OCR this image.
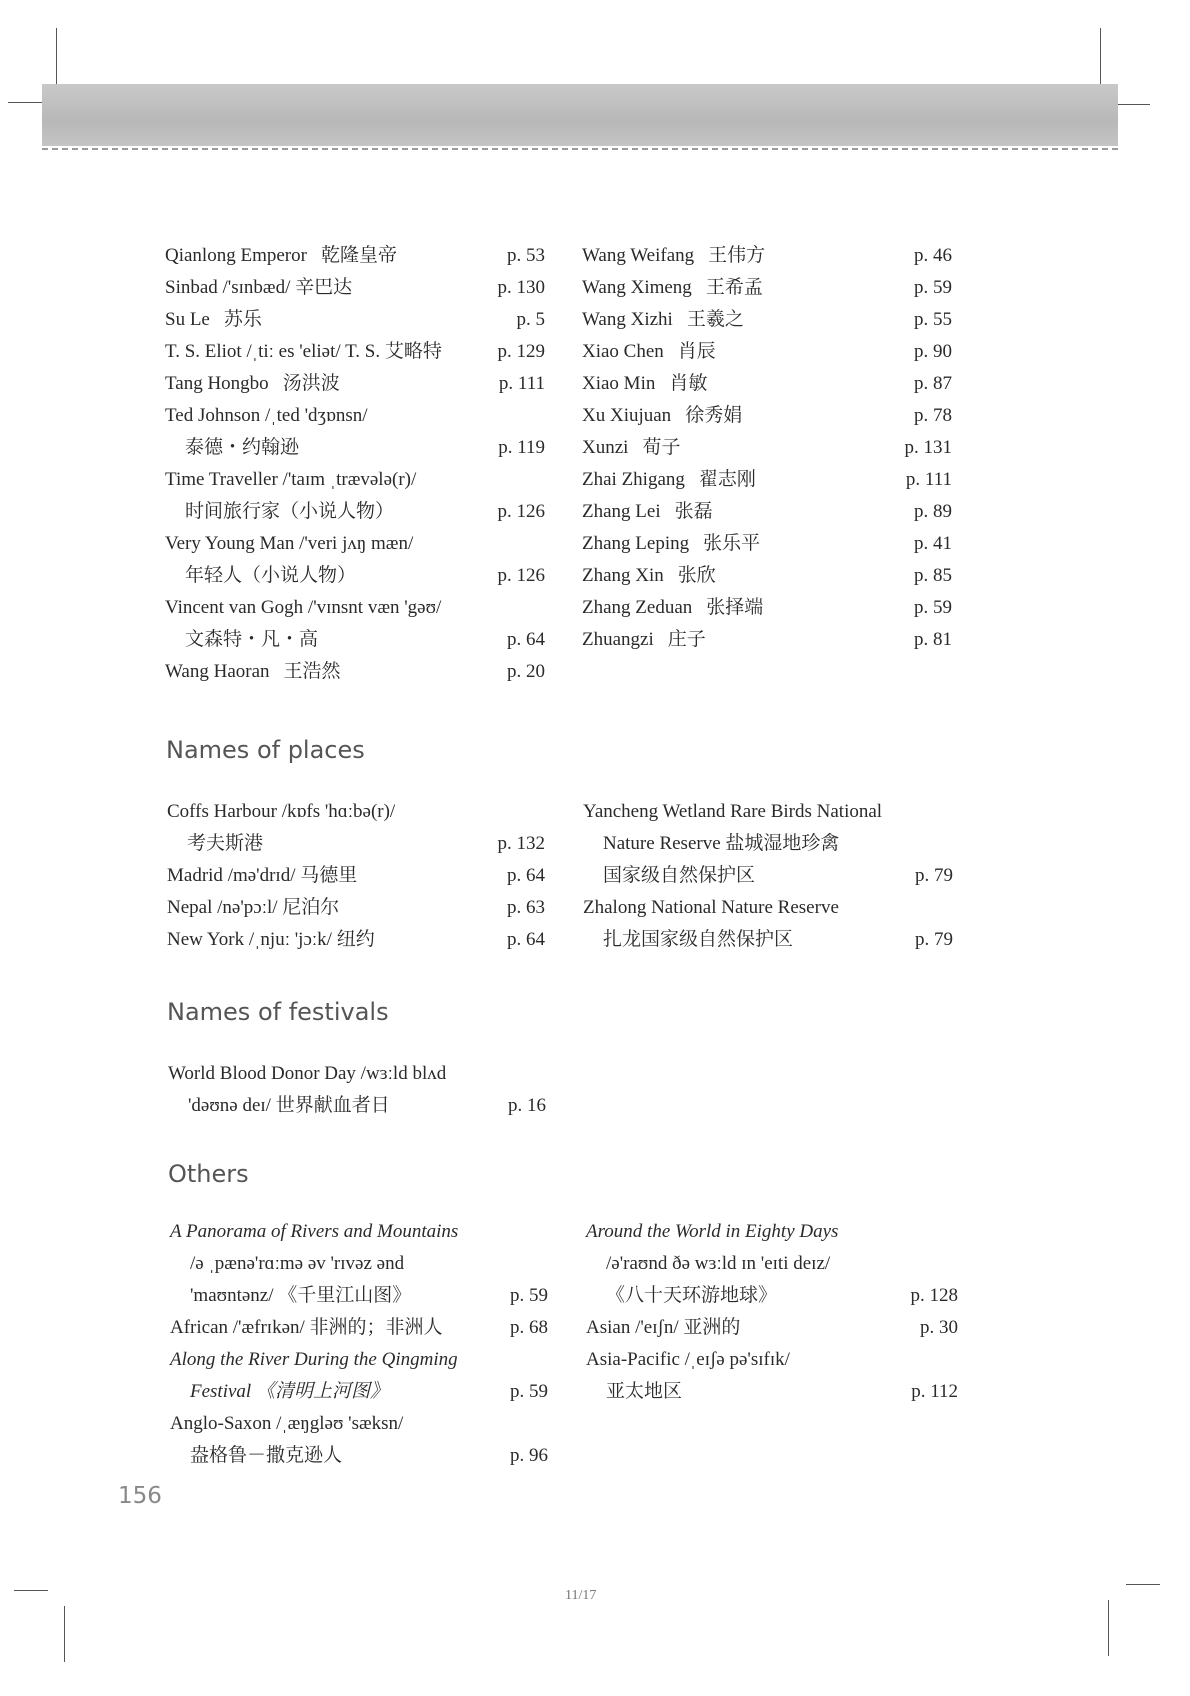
Qianlong Emperor 乾隆皇帝	p. 53
Sinbad /'sɪnbæd/ 辛巴达	p. 130
Su Le 苏乐	p. 5
T. S. Eliot /ˌtiː es 'eliət/ T. S. 艾略特	p. 129
Tang Hongbo 汤洪波	p. 111
Ted Johnson /ˌted 'dʒɒnsn/
泰德・约翰逊	p. 119
Time Traveller /'taɪm ˌtrævələ(r)/
时间旅行家（小说人物）	p. 126
Very Young Man /'veri jʌŋ mæn/
年轻人（小说人物）	p. 126
Vincent van Gogh /'vɪnsnt væn 'gəʊ/
文森特・凡・高	p. 64
Wang Haoran 王浩然	p. 20
Wang Weifang 王伟方	p. 46
Wang Ximeng 王希孟	p. 59
Wang Xizhi 王羲之	p. 55
Xiao Chen 肖辰	p. 90
Xiao Min 肖敏	p. 87
Xu Xiujuan 徐秀娟	p. 78
Xunzi 荀子	p. 131
Zhai Zhigang 翟志刚	p. 111
Zhang Lei 张磊	p. 89
Zhang Leping 张乐平	p. 41
Zhang Xin 张欣	p. 85
Zhang Zeduan 张择端	p. 59
Zhuangzi 庄子	p. 81
Names of places
Coffs Harbour /kɒfs 'hɑːbə(r)/
考夫斯港	p. 132
Madrid /mə'drɪd/ 马德里	p. 64
Nepal /nə'pɔːl/ 尼泊尔	p. 63
New York /ˌnjuː 'jɔːk/ 纽约	p. 64
Yancheng Wetland Rare Birds National
Nature Reserve 盐城湿地珍禽
国家级自然保护区	p. 79
Zhalong National Nature Reserve
扎龙国家级自然保护区	p. 79
Names of festivals
World Blood Donor Day /wɜːld blʌd
'dəʊnə deɪ/ 世界献血者日	p. 16
Others
A Panorama of Rivers and Mountains
/ə ˌpænə'rɑːmə əv 'rɪvəz ənd
'maʊntənz/ 《千里江山图》	p. 59
African /'æfrɪkən/ 非洲的；非洲人	p. 68
Along the River During the Qingming
Festival 《清明上河图》	p. 59
Anglo-Saxon /ˌæŋgləʊ 'sæksn/
盎格鲁－撒克逊人	p. 96
Around the World in Eighty Days
/ə'raʊnd ðə wɜːld ɪn 'eɪti deɪz/
《八十天环游地球》	p. 128
Asian /'eɪʃn/ 亚洲的	p. 30
Asia-Pacific /ˌeɪʃə pə'sɪfɪk/
亚太地区	p. 112
156
11/17
